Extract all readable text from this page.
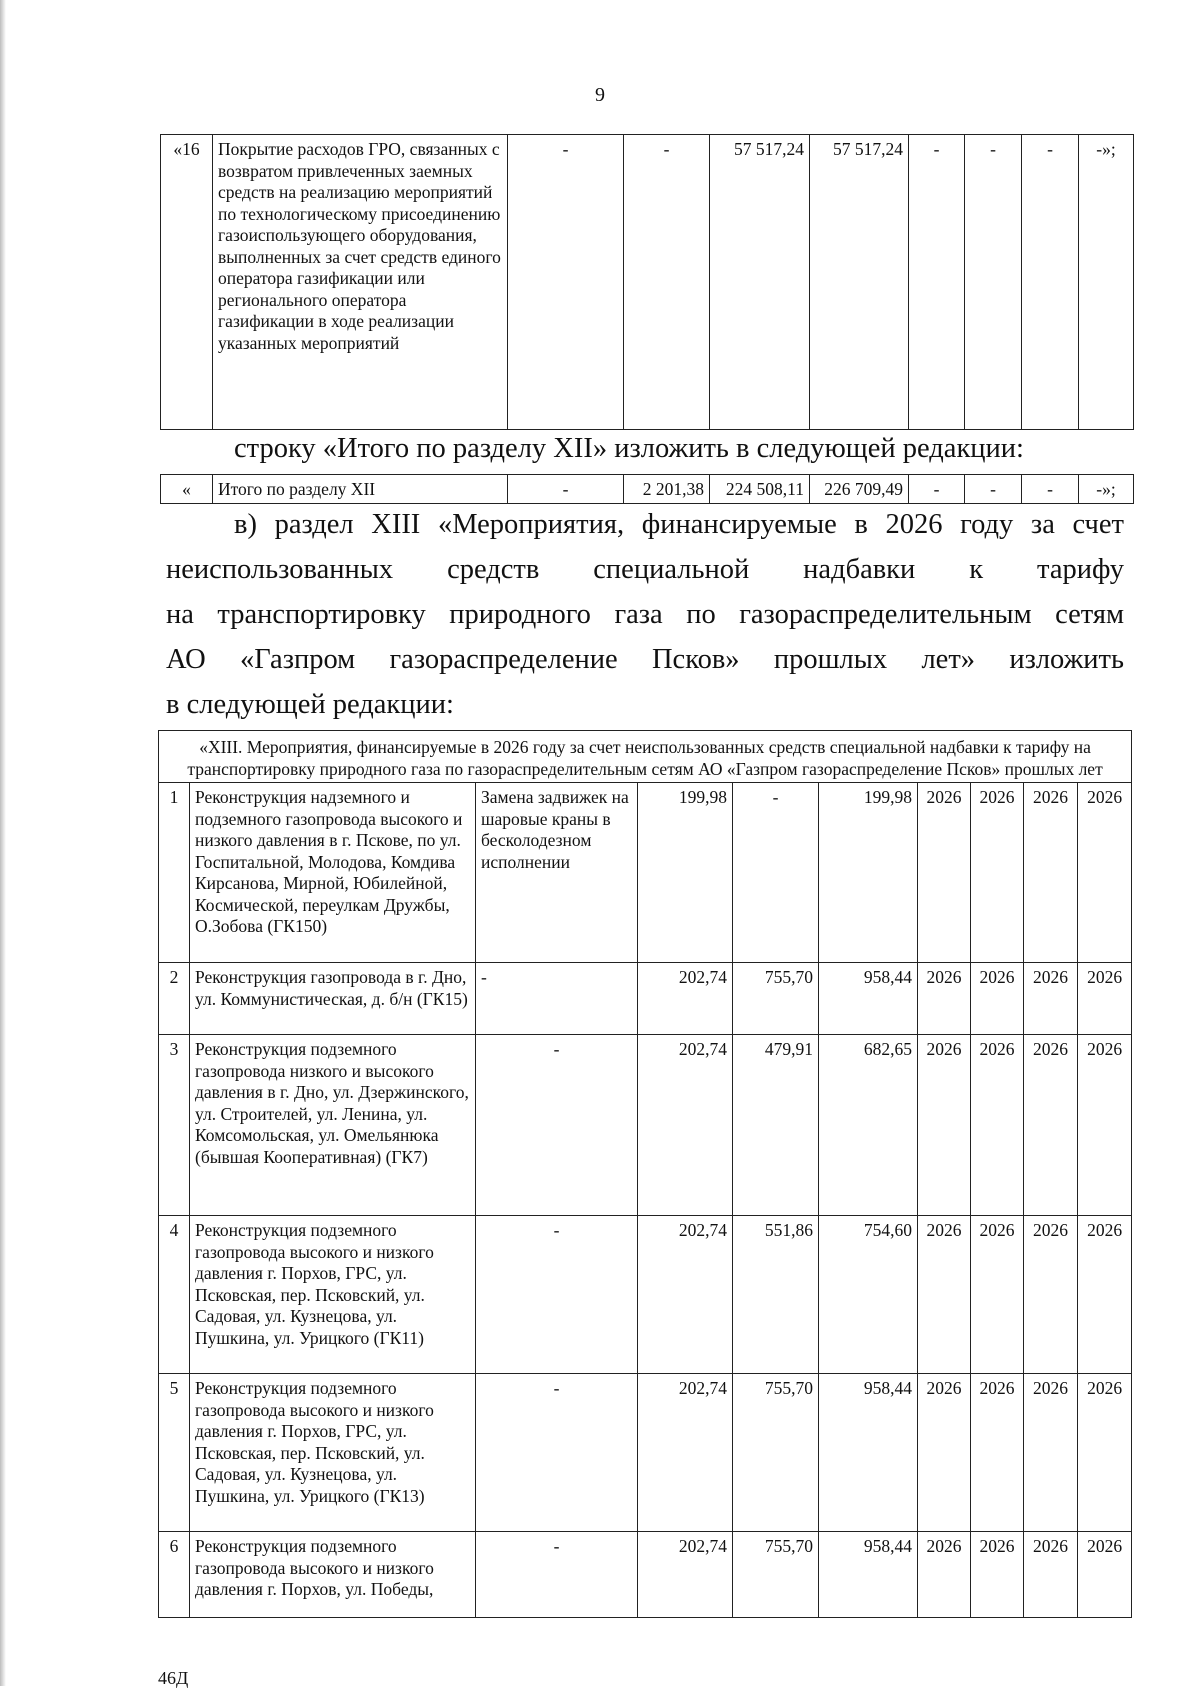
9
«16	Покрытие расходов ГРО, связанных с возвратом привлеченных заемных средств на реализацию мероприятий по технологическому присоединению газоиспользующего оборудования, выполненных за счет средств единого оператора газификации или регионального оператора газификации в ходе реализации указанных мероприятий	-	-	57 517,24	57 517,24	-	-	-	-»;
строку «Итого по разделу XII» изложить в следующей редакции:
«	Итого по разделу XII	-	2 201,38	224 508,11	226 709,49	-	-	-	-»;
в) раздел XIII «Мероприятия, финансируемые в 2026 году за счет
неиспользованных средств специальной надбавки к тарифу
на транспортировку природного газа по газораспределительным сетям
АО «Газпром газораспределение Псков» прошлых лет» изложить
в следующей редакции:
«XIII. Мероприятия, финансируемые в 2026 году за счет неиспользованных средств специальной надбавки к тарифу на транспортировку природного газа по газораспределительным сетям АО «Газпром газораспределение Псков» прошлых лет									
1	Реконструкция надземного и подземного газопровода высокого и низкого давления в г. Пскове, по ул. Госпитальной, Молодова, Комдива Кирсанова, Мирной, Юбилейной, Космической, переулкам Дружбы, О.Зобова (ГК150)	Замена задвижек на шаровые краны в бесколодезном исполнении	199,98	-	199,98	2026	2026	2026	2026
2	Реконструкция газопровода в г. Дно, ул. Коммунистическая, д. б/н (ГК15)	-	202,74	755,70	958,44	2026	2026	2026	2026
3	Реконструкция подземного газопровода низкого и высокого давления в г. Дно, ул. Дзержинского, ул. Строителей, ул. Ленина, ул. Комсомольская, ул. Омельянюка (бывшая Кооперативная) (ГК7)	-	202,74	479,91	682,65	2026	2026	2026	2026
4	Реконструкция подземного газопровода высокого и низкого давления г. Порхов, ГРС, ул. Псковская, пер. Псковский, ул. Садовая, ул. Кузнецова, ул. Пушкина, ул. Урицкого (ГК11)	-	202,74	551,86	754,60	2026	2026	2026	2026
5	Реконструкция подземного газопровода высокого и низкого давления г. Порхов, ГРС, ул. Псковская, пер. Псковский, ул. Садовая, ул. Кузнецова, ул. Пушкина, ул. Урицкого (ГК13)	-	202,74	755,70	958,44	2026	2026	2026	2026
6	Реконструкция подземного газопровода высокого и низкого давления г. Порхов, ул. Победы,	-	202,74	755,70	958,44	2026	2026	2026	2026
46Д
